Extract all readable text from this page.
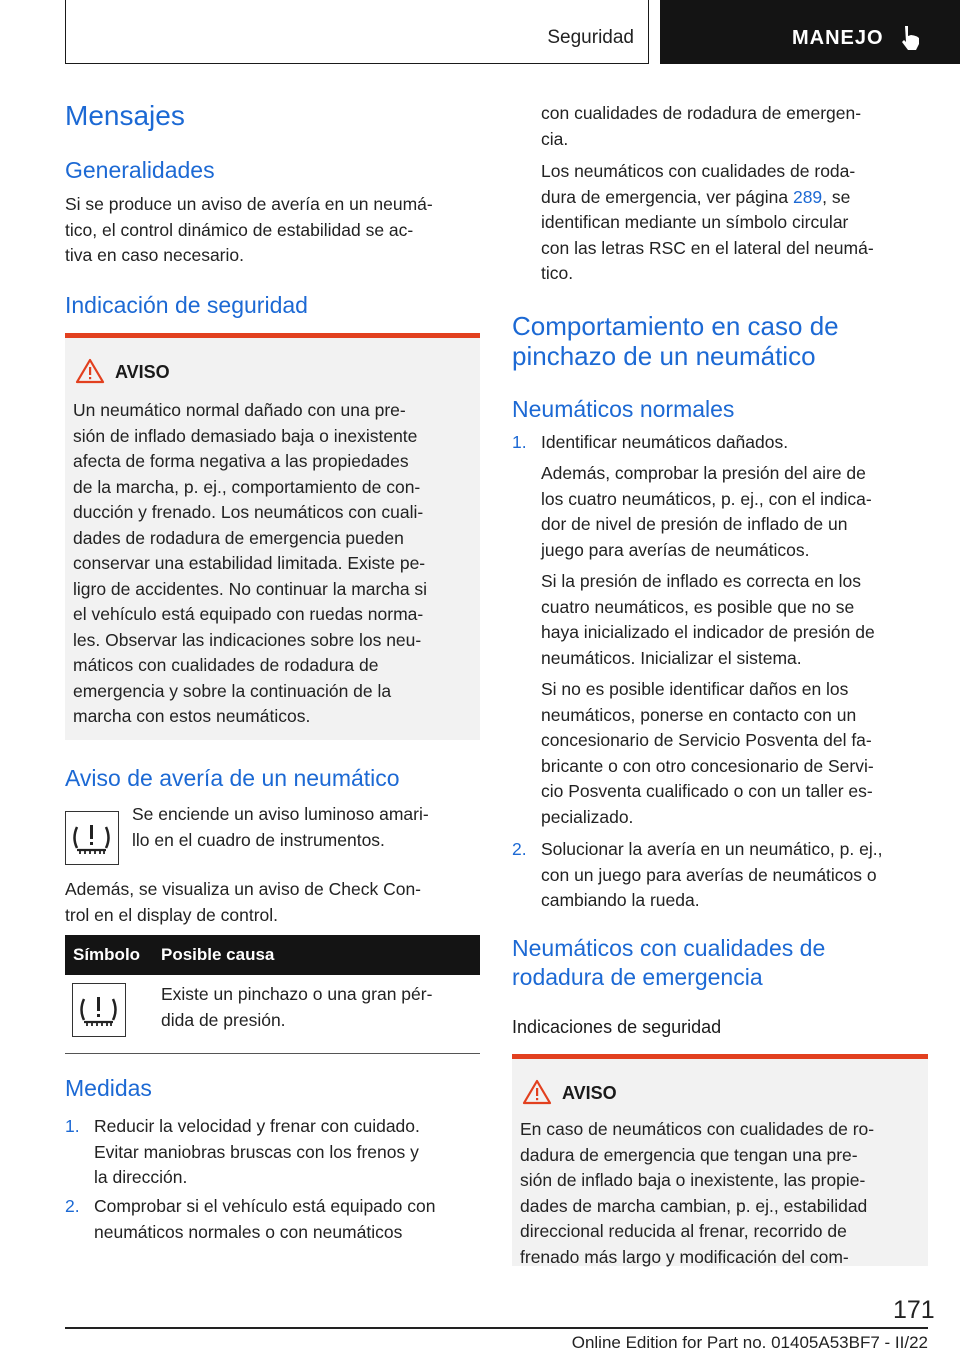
Seguridad	MANEJO
Mensajes
Generalidades

Si se produce un aviso de avería en un neumá‐
tico, el control dinámico de estabilidad se ac‐
tiva en caso necesario.

Indicación de seguridad
AVISO

Un neumático normal dañado con una pre‐
sión de inflado demasiado baja o inexistente
afecta de forma negativa a las propiedades
de la marcha, p. ej., comportamiento de con‐
ducción y frenado. Los neumáticos con cuali‐
dades de rodadura de emergencia pueden
conservar una estabilidad limitada. Existe pe‐
ligro de accidentes. No continuar la marcha si
el vehículo está equipado con ruedas norma‐
les. Observar las indicaciones sobre los neu‐
máticos con cualidades de rodadura de
emergencia y sobre la continuación de la
marcha con estos neumáticos.

Aviso de avería de un neumático

Se enciende un aviso luminoso amari‐
llo en el cuadro de instrumentos.

Además, se visualiza un aviso de Check Con‐
trol en el display de control.

Símbolo Posible causa

Existe un pinchazo o una gran pér‐
dida de presión.

Medidas
1. Reducir la velocidad y frenar con cuidado.
Evitar maniobras bruscas con los frenos y
la dirección.

2. Comprobar si el vehículo está equipado con
neumáticos normales o con neumáticos

con cualidades de rodadura de emergen‐
cia.

Los neumáticos con cualidades de roda‐
dura de emergencia, ver página 289, se
identifican mediante un símbolo circular
con las letras RSC en el lateral del neumá‐
tico.

Comportamiento en caso de
pinchazo de un neumático
Neumáticos normales
1. Identificar neumáticos dañados.

Además, comprobar la presión del aire de
los cuatro neumáticos, p. ej., con el indica‐
dor de nivel de presión de inflado de un
juego para averías de neumáticos.

Si la presión de inflado es correcta en los
cuatro neumáticos, es posible que no se
haya inicializado el indicador de presión de
neumáticos. Inicializar el sistema.

Si no es posible identificar daños en los
neumáticos, ponerse en contacto con un
concesionario de Servicio Posventa del fa‐
bricante o con otro concesionario de Servi‐
cio Posventa cualificado o con un taller es‐
pecializado.

2. Solucionar la avería en un neumático, p. ej.,
con un juego para averías de neumáticos o
cambiando la rueda.

Neumáticos con cualidades de
rodadura de emergencia
Indicaciones de seguridad
AVISO

En caso de neumáticos con cualidades de ro‐
dadura de emergencia que tengan una pre‐
sión de inflado baja o inexistente, las propie‐
dades de marcha cambian, p. ej., estabilidad
direccional reducida al frenar, recorrido de
frenado más largo y modificación del com‐

171
Online Edition for Part no. 01405A53BF7 - II/22
